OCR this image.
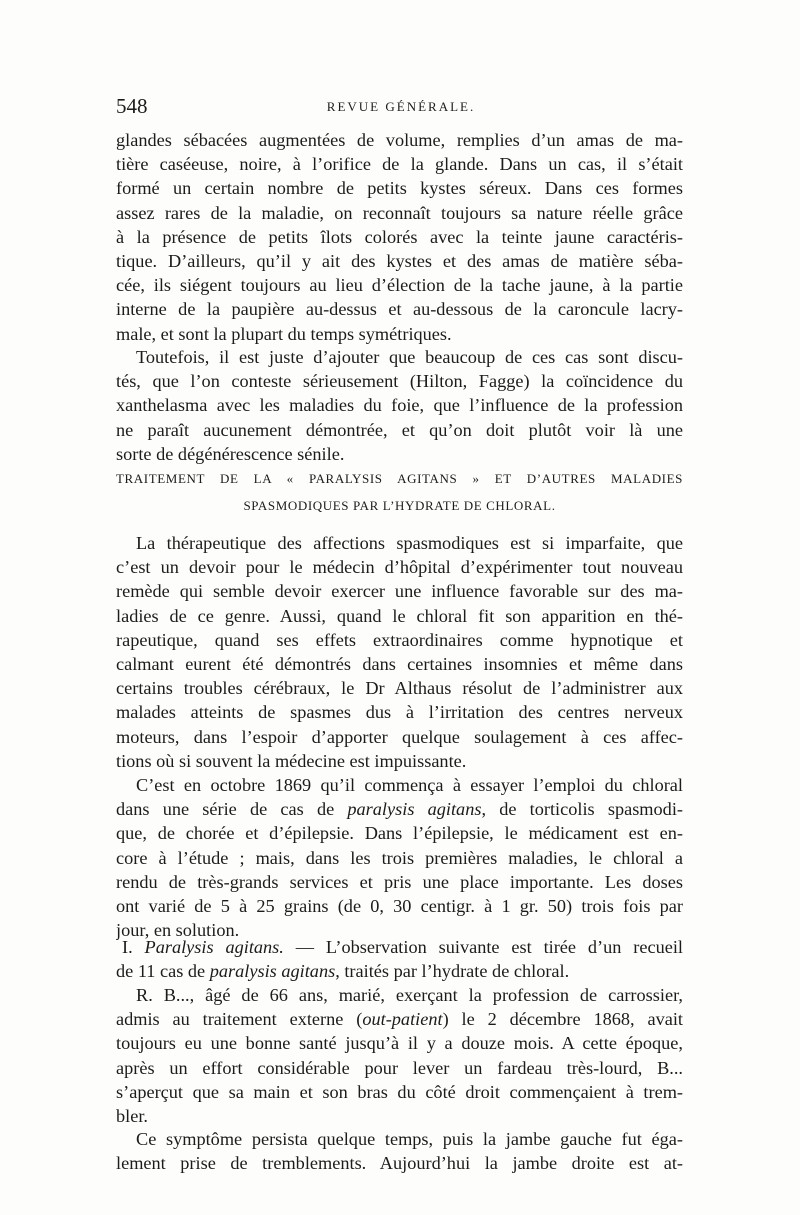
548	REVUE GÉNÉRALE.
glandes sébacées augmentées de volume, remplies d’un amas de ma-
tière caséeuse, noire, à l’orifice de la glande. Dans un cas, il s’était
formé un certain nombre de petits kystes séreux. Dans ces formes
assez rares de la maladie, on reconnaît toujours sa nature réelle grâce
à la présence de petits îlots colorés avec la teinte jaune caractéris-
tique. D’ailleurs, qu’il y ait des kystes et des amas de matière séba-
cée, ils siégent toujours au lieu d’élection de la tache jaune, à la partie
interne de la paupière au-dessus et au-dessous de la caroncule lacry-
male, et sont la plupart du temps symétriques.
Toutefois, il est juste d’ajouter que beaucoup de ces cas sont discu-
tés, que l’on conteste sérieusement (Hilton, Fagge) la coïncidence du
xanthelasma avec les maladies du foie, que l’influence de la profession
ne paraît aucunement démontrée, et qu’on doit plutôt voir là une
sorte de dégénérescence sénile.
TRAITEMENT DE LA « PARALYSIS AGITANS » ET D’AUTRES MALADIES
SPASMODIQUES PAR L’HYDRATE DE CHLORAL.
La thérapeutique des affections spasmodiques est si imparfaite, que
c’est un devoir pour le médecin d’hôpital d’expérimenter tout nouveau
remède qui semble devoir exercer une influence favorable sur des ma-
ladies de ce genre. Aussi, quand le chloral fit son apparition en thé-
rapeutique, quand ses effets extraordinaires comme hypnotique et
calmant eurent été démontrés dans certaines insomnies et même dans
certains troubles cérébraux, le Dr Althaus résolut de l’administrer aux
malades atteints de spasmes dus à l’irritation des centres nerveux
moteurs, dans l’espoir d’apporter quelque soulagement à ces affec-
tions où si souvent la médecine est impuissante.
C’est en octobre 1869 qu’il commença à essayer l’emploi du chloral
dans une série de cas de paralysis agitans, de torticolis spasmodi-
que, de chorée et d’épilepsie. Dans l’épilepsie, le médicament est en-
core à l’étude ; mais, dans les trois premières maladies, le chloral a
rendu de très-grands services et pris une place importante. Les doses
ont varié de 5 à 25 grains (de 0, 30 centigr. à 1 gr. 50) trois fois par
jour, en solution.
I. Paralysis agitans. — L’observation suivante est tirée d’un recueil
de 11 cas de paralysis agitans, traités par l’hydrate de chloral.
R. B..., âgé de 66 ans, marié, exerçant la profession de carrossier,
admis au traitement externe (out-patient) le 2 décembre 1868, avait
toujours eu une bonne santé jusqu’à il y a douze mois. A cette époque,
après un effort considérable pour lever un fardeau très-lourd, B...
s’aperçut que sa main et son bras du côté droit commençaient à trem-
bler.
Ce symptôme persista quelque temps, puis la jambe gauche fut éga-
lement prise de tremblements. Aujourd’hui la jambe droite est at-
